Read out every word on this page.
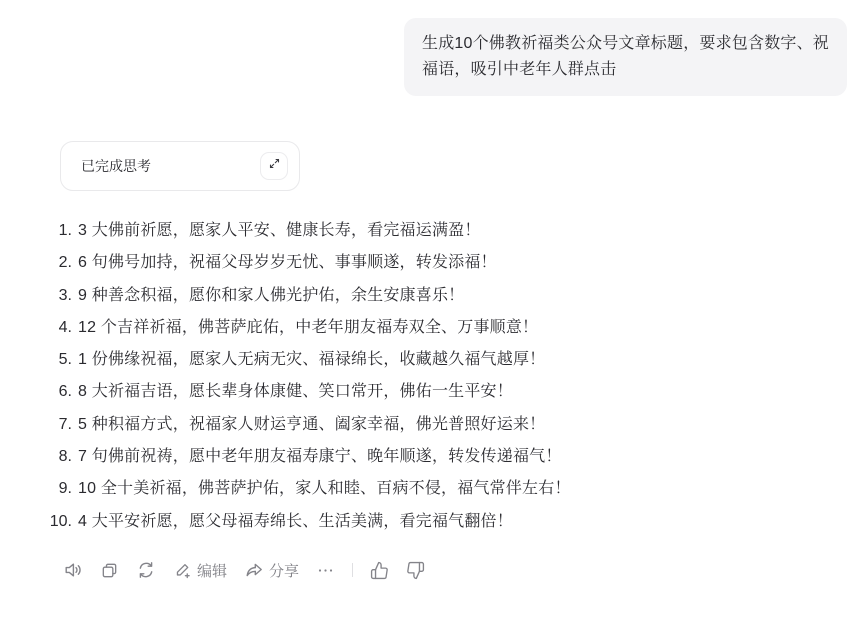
生成10个佛教祈福类公众号文章标题，要求包含数字、祝福语，吸引中老年人群点击
已完成思考
1. 3 大佛前祈愿，愿家人平安、健康长寿，看完福运满盈！
2. 6 句佛号加持，祝福父母岁岁无忧、事事顺遂，转发添福！
3. 9 种善念积福，愿你和家人佛光护佑，余生安康喜乐！
4. 12 个吉祥祈福，佛菩萨庇佑，中老年朋友福寿双全、万事顺意！
5. 1 份佛缘祝福，愿家人无病无灾、福禄绵长，收藏越久福气越厚！
6. 8 大祈福吉语，愿长辈身体康健、笑口常开，佛佑一生平安！
7. 5 种积福方式，祝福家人财运亨通、阖家幸福，佛光普照好运来！
8. 7 句佛前祝祷，愿中老年朋友福寿康宁、晚年顺遂，转发传递福气！
9. 10 全十美祈福，佛菩萨护佑，家人和睦、百病不侵，福气常伴左右！
10. 4 大平安祈愿，愿父母福寿绵长、生活美满，看完福气翻倍！
编辑	分享
